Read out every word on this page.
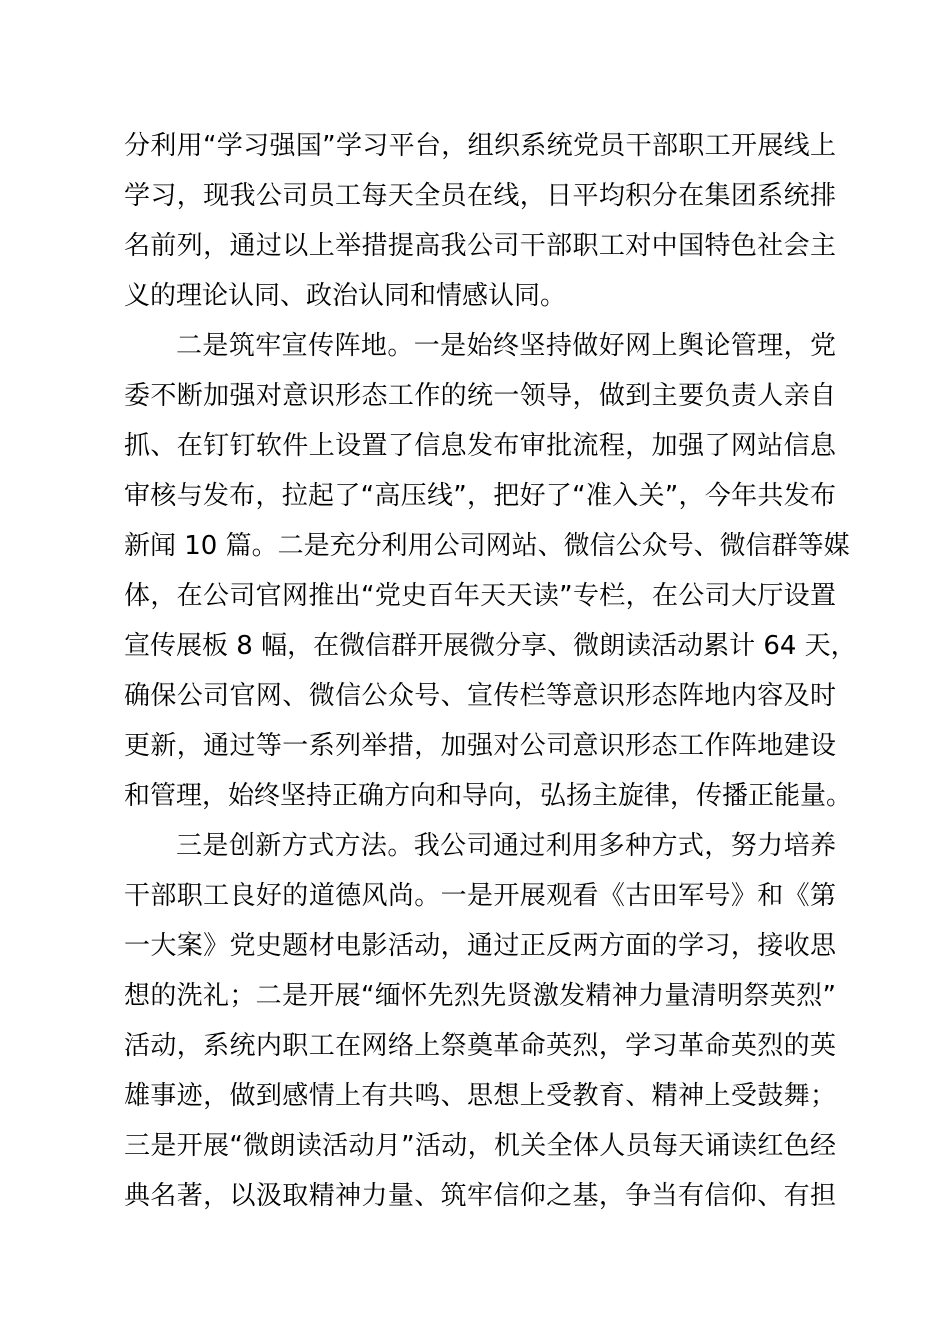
分利用“学习强国”学习平台，组织系统党员干部职工开展线上
学习，现我公司员工每天全员在线，日平均积分在集团系统排
名前列，通过以上举措提高我公司干部职工对中国特色社会主
义的理论认同、政治认同和情感认同。
二是筑牢宣传阵地。一是始终坚持做好网上舆论管理，党
委不断加强对意识形态工作的统一领导，做到主要负责人亲自
抓、在钉钉软件上设置了信息发布审批流程，加强了网站信息
审核与发布，拉起了“高压线”，把好了“准入关”，今年共发布
新闻 10 篇。二是充分利用公司网站、微信公众号、微信群等媒
体，在公司官网推出“党史百年天天读”专栏，在公司大厅设置
宣传展板 8 幅，在微信群开展微分享、微朗读活动累计 64 天，
确保公司官网、微信公众号、宣传栏等意识形态阵地内容及时
更新，通过等一系列举措，加强对公司意识形态工作阵地建设
和管理，始终坚持正确方向和导向，弘扬主旋律，传播正能量。
三是创新方式方法。我公司通过利用多种方式，努力培养
干部职工良好的道德风尚。一是开展观看《古田军号》和《第
一大案》党史题材电影活动，通过正反两方面的学习，接收思
想的洗礼；二是开展“缅怀先烈先贤激发精神力量清明祭英烈”
活动，系统内职工在网络上祭奠革命英烈，学习革命英烈的英
雄事迹，做到感情上有共鸣、思想上受教育、精神上受鼓舞；
三是开展“微朗读活动月”活动，机关全体人员每天诵读红色经
典名著，以汲取精神力量、筑牢信仰之基，争当有信仰、有担
